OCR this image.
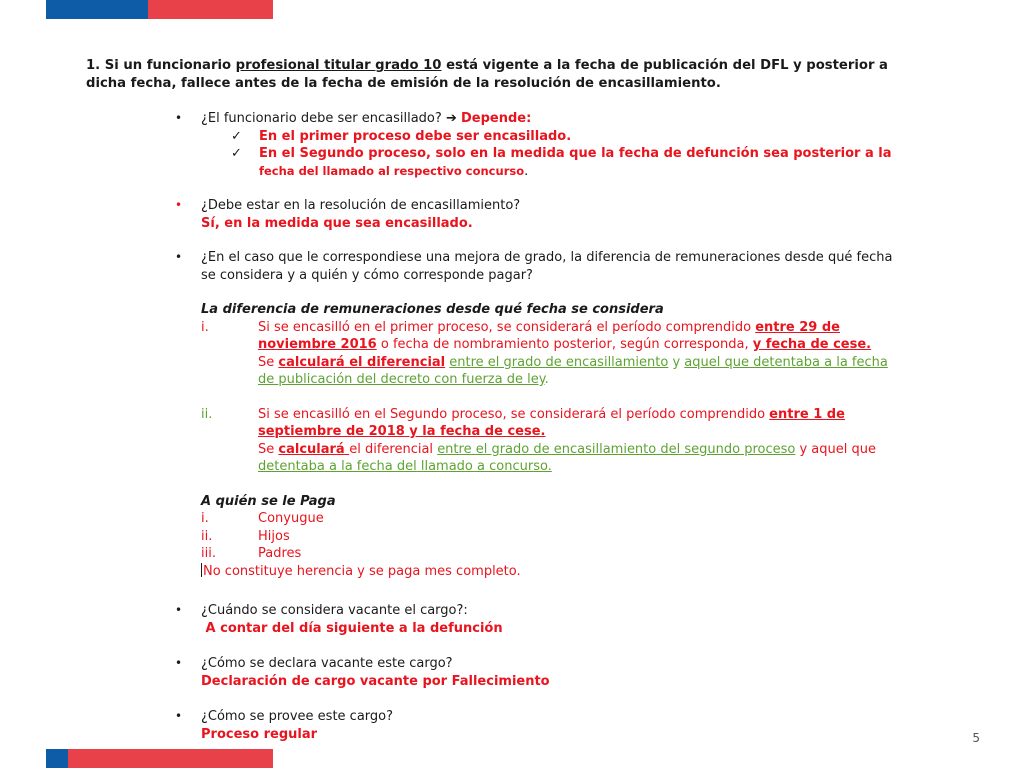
1. Si un funcionario profesional titular grado 10 está vigente a la fecha de publicación del DFL y posterior a dicha fecha, fallece antes de la fecha de emisión de la resolución de encasillamiento.
• ¿El funcionario debe ser encasillado? ➔ Depende:
✓ En el primer proceso debe ser encasillado.
✓ En el Segundo proceso, solo en la medida que la fecha de defunción sea posterior a la fecha del llamado al respectivo concurso.
• ¿Debe estar en la resolución de encasillamiento?
Sí, en la medida que sea encasillado.
• ¿En el caso que le correspondiese una mejora de grado, la diferencia de remuneraciones desde qué fecha se considera y a quién y cómo corresponde pagar?
La diferencia de remuneraciones desde qué fecha se considera
i.	Si se encasilló en el primer proceso, se considerará el período comprendido entre 29 de noviembre 2016 o fecha de nombramiento posterior, según corresponda, y fecha de cese.
Se calculará el diferencial entre el grado de encasillamiento y aquel que detentaba a la fecha de publicación del decreto con fuerza de ley.
ii.	Si se encasilló en el Segundo proceso, se considerará el período comprendido entre 1 de septiembre de 2018 y la fecha de cese.
Se calculará el diferencial entre el grado de encasillamiento del segundo proceso y aquel que detentaba a la fecha del llamado a concurso.
A quién se le Paga
i.	Conyugue
ii.	Hijos
iii.	Padres
No constituye herencia y se paga mes completo.
• ¿Cuándo se considera vacante el cargo?:
A contar del día siguiente a la defunción
• ¿Cómo se declara vacante este cargo?
Declaración de cargo vacante por Fallecimiento
• ¿Cómo se provee este cargo?
Proceso regular	5
